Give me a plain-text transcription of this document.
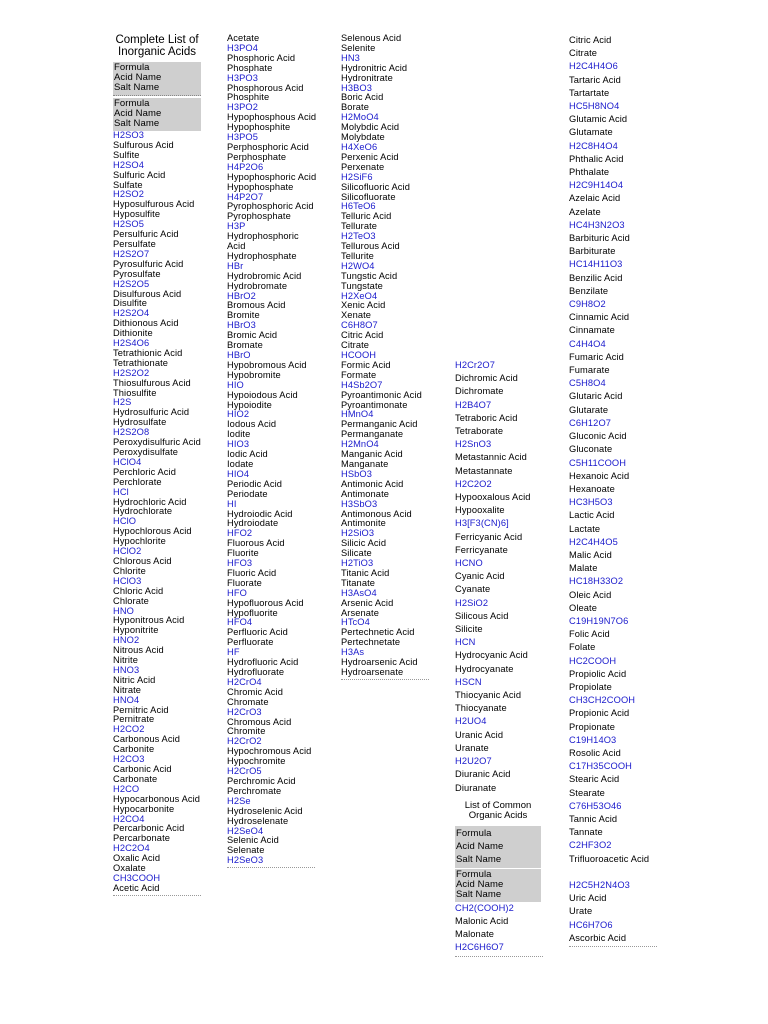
Complete List of Inorganic Acids
Formula
Acid Name
Salt Name
Formula
Acid Name
Salt Name
H2SO3
Sulfurous Acid
Sulfite
H2SO4
Sulfuric Acid
Sulfate
H2SO2
Hyposulfurous Acid
Hyposulfite
H2SO5
Persulfuric Acid
Persulfate
H2S2O7
Pyrosulfuric Acid
Pyrosulfate
H2S2O5
Disulfurous Acid
Disulfite
H2S2O4
Dithionous Acid
Dithionite
H2S4O6
Tetrathionic Acid
Tetrathionate
H2S2O2
Thiosulfurous Acid
Thiosulfite
H2S
Hydrosulfuric Acid
Hydrosulfate
H2S2O8
Peroxydisulfuric Acid
Peroxydisulfate
HClO4
Perchloric Acid
Perchlorate
HCl
Hydrochloric Acid
Hydrochlorate
HClO
Hypochlorous Acid
Hypochlorite
HClO2
Chlorous Acid
Chlorite
HClO3
Chloric Acid
Chlorate
HNO
Hyponitrous Acid
Hyponitrite
HNO2
Nitrous Acid
Nitrite
HNO3
Nitric Acid
Nitrate
HNO4
Pernitric Acid
Pernitrate
H2CO2
Carbonous Acid
Carbonite
H2CO3
Carbonic Acid
Carbonate
H2CO
Hypocarbonous Acid
Hypocarbonite
H2CO4
Percarbonic Acid
Percarbonate
H2C2O4
Oxalic Acid
Oxalate
CH3COOH
Acetic Acid
Acetate
H3PO4
Phosphoric Acid
Phosphate
H3PO3
Phosphorous Acid
Phosphite
H3PO2
Hypophosphous Acid
Hypophosphite
H3PO5
Perphosphoric Acid
Perphosphate
H4P2O6
Hypophosphoric Acid
Hypophosphate
H4P2O7
Pyrophosphoric Acid
Pyrophosphate
H3P
Hydrophosphoric Acid
Hydrophosphate
HBr
Hydrobromic Acid
Hydrobromate
HBrO2
Bromous Acid
Bromite
HBrO3
Bromic Acid
Bromate
HBrO
Hypobromous Acid
Hypobromite
HIO
Hypoiodous Acid
Hypoiodite
HIO2
Iodous Acid
Iodite
HIO3
Iodic Acid
Iodate
HIO4
Periodic Acid
Periodate
HI
Hydroiodic Acid
Hydroiodate
HFO2
Fluorous Acid
Fluorite
HFO3
Fluoric Acid
Fluorate
HFO
Hypofluorous Acid
Hypofluorite
HFO4
Perfluoric Acid
Perfluorate
HF
Hydrofluoric Acid
Hydrofluorate
H2CrO4
Chromic Acid
Chromate
H2CrO3
Chromous Acid
Chromite
H2CrO2
Hypochromous Acid
Hypochromite
H2CrO5
Perchromic Acid
Perchromate
H2Se
Hydroselenic Acid
Hydroselenate
H2SeO4
Selenic Acid
Selenate
H2SeO3
Selenous Acid
Selenite
HN3
Hydronitric Acid
Hydronitrate
H3BO3
Boric Acid
Borate
H2MoO4
Molybdic Acid
Molybdate
H4XeO6
Perxenic Acid
Perxenate
H2SiF6
Silicofluoric Acid
Silicofluorate
H6TeO6
Telluric Acid
Tellurate
H2TeO3
Tellurous Acid
Tellurite
H2WO4
Tungstic Acid
Tungstate
H2XeO4
Xenic Acid
Xenate
C6H8O7
Citric Acid
Citrate
HCOOH
Formic Acid
Formate
H4Sb2O7
Pyroantimonic Acid
Pyroantimonate
HMnO4
Permanganic Acid
Permanganate
H2MnO4
Manganic Acid
Manganate
HSbO3
Antimonic Acid
Antimonate
H3SbO3
Antimonous Acid
Antimonite
H2SiO3
Silicic Acid
Silicate
H2TiO3
Titanic Acid
Titanate
H3AsO4
Arsenic Acid
Arsenate
HTcO4
Pertechnetic Acid
Pertechnetate
H3As
Hydroarsenic Acid
Hydroarsenate
H2Cr2O7
Dichromic Acid
Dichromate
H2B4O7
Tetraboric Acid
Tetraborate
H2SnO3
Metastannic Acid
Metastannate
H2C2O2
Hypooxalous Acid
Hypooxalite
H3[F3(CN)6]
Ferricyanic Acid
Ferricyanate
HCNO
Cyanic Acid
Cyanate
H2SiO2
Silicous Acid
Silicite
HCN
Hydrocyanic Acid
Hydrocyanate
HSCN
Thiocyanic Acid
Thiocyanate
H2UO4
Uranic Acid
Uranate
H2U2O7
Diuranic Acid
Diuranate
List of Common Organic Acids
Formula
Acid Name
Salt Name
Formula
Acid Name
Salt Name
CH2(COOH)2
Malonic Acid
Malonate
H2C6H6O7
Citric Acid
Citrate
H2C4H4O6
Tartaric Acid
Tartartate
HC5H8NO4
Glutamic Acid
Glutamate
H2C8H4O4
Phthalic Acid
Phthalate
H2C9H14O4
Azelaic Acid
Azelate
HC4H3N2O3
Barbituric Acid
Barbiturate
HC14H11O3
Benzilic Acid
Benzilate
C9H8O2
Cinnamic Acid
Cinnamate
C4H4O4
Fumaric Acid
Fumarate
C5H8O4
Glutaric Acid
Glutarate
C6H12O7
Gluconic Acid
Gluconate
C5H11COOH
Hexanoic Acid
Hexanoate
HC3H5O3
Lactic Acid
Lactate
H2C4H4O5
Malic Acid
Malate
HC18H33O2
Oleic Acid
Oleate
C19H19N7O6
Folic Acid
Folate
HC2COOH
Propiolic Acid
Propiolate
CH3CH2COOH
Propionic Acid
Propionate
C19H14O3
Rosolic Acid
C17H35COOH
Stearic Acid
Stearate
C76H53O46
Tannic Acid
Tannate
C2HF3O2
Trifluoroacetic Acid

H2C5H2N4O3
Uric Acid
Urate
HC6H7O6
Ascorbic Acid
